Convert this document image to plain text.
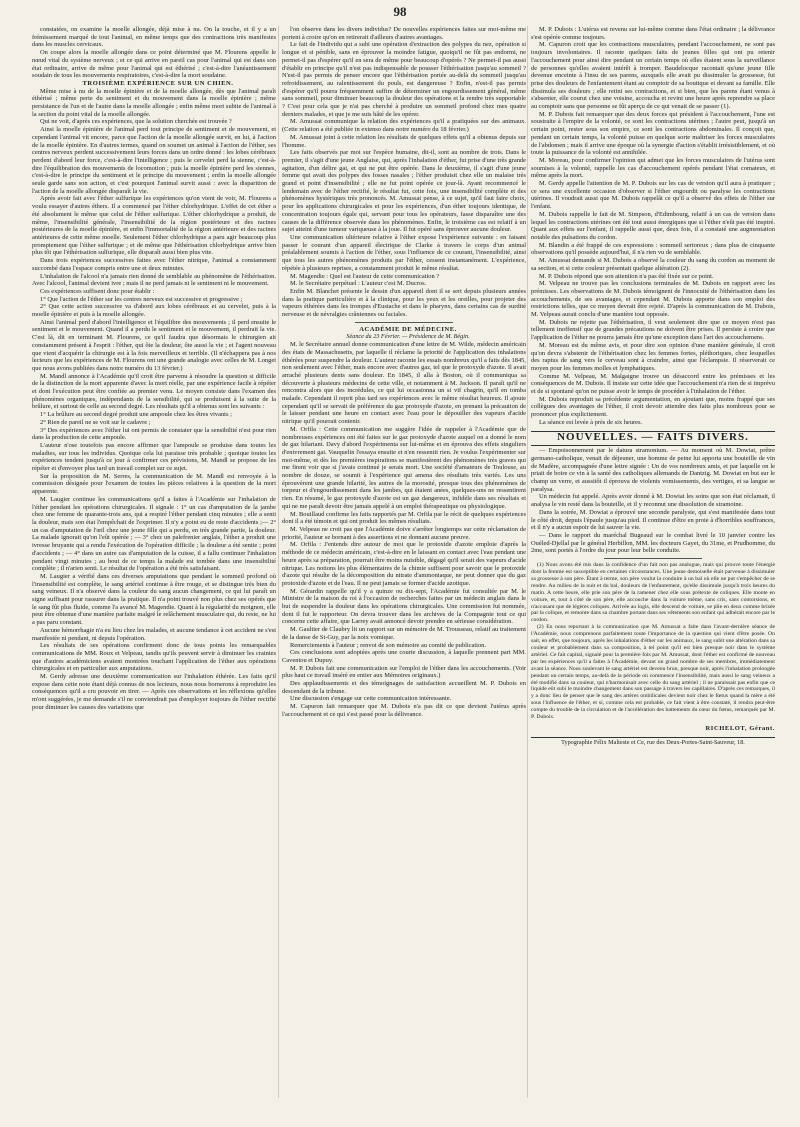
98

constatées, on examine la moelle allongée, déjà mise à nu. On la touche, et il y a un frémissement marqué de tout l'animal, en même temps que des contractions très manifestes dans les muscles cervicaux.

On coupe alors la moelle allongée dans ce point déterminé que M. Flourens appelle le nœud vital du système nerveux ; et ce qui arrive en pareil cas pour l'animal qui est dans son état ordinaire, arrive de même pour l'animal qui est éthérisé ; c'est-à-dire l'anéantissement soudain de tous les mouvements respiratoires, c'est-à-dire la mort soudaine.

TROISIÈME EXPÉRIENCE SUR UN CHIEN.

Même mise à nu de la moelle épinière et de la moelle allongée, dès que l'animal paraît éthérisé ; même perte du sentiment et du mouvement dans la moelle épinière ; même persistance de l'un et de l'autre dans la moelle allongée ; enfin même mort subite de l'animal à la section du point vital de la moelle allongée.

Qui ne voit, d'après ces expériences, que la solution cherchée est trouvée ?

Ainsi la moelle épinière de l'animal perd tout principe de sentiment et de mouvement, et cependant l'animal vit encore, parce que l'action de la moelle allongée survit, en lui, à l'action de la moelle épinière. En d'autres termes, quand on soumet un animal à l'action de l'éther, ses centres nerveux perdent successivement leurs forces dans un ordre donné : les lobes cérébraux perdent d'abord leur force, c'est-à-dire l'intelligence ; puis le cervelet perd la sienne, c'est-à-dire l'équilibration des mouvements de locomotion ; puis la moelle épinière perd les siennes, c'est-à-dire le principe du sentiment et le principe du mouvement ; enfin la moelle allongée seule garde sans son action, et c'est pourquoi l'animal survit aussi : avec la disparition de l'action de la moelle allongée disparaît la vie.

Après avoir fait avec l'éther sulfurique les expériences qu'on vient de voir, M. Flourens a voulu essayer d'autres éthers. Il a commencé par l'éther chlorhydrique. L'effet de cet éther a été absolument le même que celui de l'éther sulfurique. L'éther chlorhydrique a produit, de même, l'insensibilité générale, l'insensibilité de la région postérieure et des racines postérieures de la moelle épinière, et enfin l'immortalité de la région antérieure et des racines antérieures de cette même moelle. Seulement l'éther chlorhydrique a paru agir beaucoup plus promptement que l'éther sulfurique ; et de même que l'éthérisation chlorhydrique arrive bien plus tôt que l'éthérisation sulfurique, elle disparaît aussi bien plus vite.

Dans trois expériences successives faites avec l'éther nitrique, l'animal a constamment succombé dans l'espace compris entre une et deux minutes.

L'inhalation de l'alcool n'a jamais rien donné de semblable au phénomène de l'éthérisation. Avec l'alcool, l'animal devient ivre ; mais il ne perd jamais ni le sentiment ni le mouvement.

Ces expériences suffisent donc pour établir :

1° Que l'action de l'éther sur les centres nerveux est successive et progressive ;

2° Que cette action successive va d'abord aux lobes cérébraux et au cervelet, puis à la moelle épinière et puis à la moelle allongée.

Ainsi l'animal perd d'abord l'intelligence et l'équilibre des mouvements ; il perd ensuite le sentiment et le mouvement. Quand il a perdu le sentiment et le mouvement, il perdrait la vie. C'est là, dit en terminant M. Flourens, ce qu'il faudra que désormais le chirurgien ait constamment présent à l'esprit : l'éther, qui ôte la douleur, ôte aussi la vie ; et l'agent nouveau que vient d'acquérir la chirurgie est à la fois merveilleux et terrible. (Il n'échappera pas à nos lecteurs que les expériences de M. Flourens ont une grande analogie avec celles de M. Longet que nous avons publiées dans notre numéro du 13 février.)

M. Mandl annonce à l'Académie qu'il croit être parvenu à résoudre la question si difficile de la distinction de la mort apparente d'avec la mort réelle, par une expérience facile à répéter et dont l'exécution peut être confiée au premier venu. Le moyen consiste dans l'examen des phénomènes organiques, indépendants de la sensibilité, qui se produisent à la suite de la brûlure, et surtout de celle au second degré. Les résultats qu'il a obtenus sont les suivants :

1° La brûlure au second degré produit une ampoule chez les êtres vivants ;

2° Rien de pareil ne se voit sur le cadavre ;

3° Des expériences avec l'éther lui ont permis de constater que la sensibilité n'est pour rien dans la production de cette ampoule.

L'auteur n'ose toutefois pas encore affirmer que l'ampoule se produise dans toutes les maladies, sur tous les individus. Quoique cela lui paraisse très probable ; quoique toutes les expériences tendent jusqu'à ce jour à confirmer ces prévisions, M. Mandl se propose de les répéter et d'envoyer plus tard un travail complet sur ce sujet.

Sur la proposition de M. Serres, la communication de M. Mandl est renvoyée à la commission désignée pour l'examen de toutes les pièces relatives à la question de la mort apparente.

M. Laugier continue les communications qu'il a faites à l'Académie sur l'inhalation de l'éther pendant les opérations chirurgicales. Il signale : 1° un cas d'amputation de la jambe chez une femme de quarante-trois ans, qui a respiré l'éther pendant cinq minutes ; elle a senti la douleur, mais son état l'empêchait de l'exprimer. Il n'y a point eu de reste d'accidents ;— 2° un cas d'amputation de l'œil chez une jeune fille qui a perdu, en très grande partie, la douleur. La malade ignorait qu'on l'eût opérée ; — 3° chez un palefrenier anglais, l'éther a produit une ivresse bruyante qui a rendu l'exécution de l'opération difficile ; la douleur a été sentie ; point d'accidents ; — 4° dans un autre cas d'amputation de la cuisse, il a fallu continuer l'inhalation pendant vingt minutes ; au bout de ce temps la malade est tombée dans une insensibilité complète ; il n'arien senti. Le résultat de l'opération a été très satisfaisant.

M. Laugier a vérifié dans ces diverses amputations que pendant le sommeil profond où l'insensibilité est complète, le sang artériel continue à être rouge, et se distingue très bien du sang veineux. Il n'a observé dans la couleur du sang aucun changement, ce qui lui paraît un signe suffisant pour rassurer dans la pratique. Il n'a point trouvé non plus chez ses opérés que le sang fût plus fluide, comme l'a avancé M. Magendie. Quant à la régularité du moignon, elle peut être obtenue d'une manière parfaite malgré le relâchement musculaire qui, du reste, ne lui a pas paru constant.

Aucune hémorrhagie n'a eu lieu chez les malades, et aucune tendance à cet accident ne s'est manifestée ni pendant, ni depuis l'opération.

Les résultats de ses opérations confirment donc de tous points les remarquables communications de MM. Roux et Velpeau, tandis qu'ils peuvent servir à diminuer les craintes que d'autres académiciens avaient montrées touchant l'application de l'éther aux opérations chirurgicales et en particulier aux amputations.

M. Gerdy adresse une deuxième communication sur l'inhalation éthérée. Les faits qu'il expose dans cette note étant déjà connus de nos lecteurs, nous nous bornerons à reproduire les conséquences qu'il a cru pouvoir en tirer. — Après ces observations et les réflexions qu'elles m'ont suggérées, je me demande s'il ne conviendrait pas d'employer toujours de l'éther rectifié pour diminuer les causes des variations que

l'on observe dans les divers individus? De nouvelles expériences faites sur moi-même me portent à croire qu'on en retirerait d'ailleurs d'autres avantages.

Le fait de l'individu qui a subi une opération d'extraction des polypes du nez, opération si longue et si pénible, sans en éprouver la moindre fatigue, quoiqu'il ne fût pas endormi, ne permet-il pas d'espérer qu'il en sera de même pour beaucoup d'opérés ? Ne permet-il pas aussi d'établir en principe qu'il n'est pas indispensable de pousser l'éthérisation jusqu'au sommeil ? N'est-il pas permis de penser encore que l'éthérisation portée au-delà du sommeil jusqu'au refroidissement, au ralentissement du pouls, est dangereuse ? Enfin, n'est-il pas permis d'espérer qu'il pourra fréquemment suffire de déterminer un engourdissement général, même sans sommeil, pour diminuer beaucoup la douleur des opérations et la rendre très supportable ? C'est pour cela que je n'ai pas cherché à produire un sommeil profond chez mes quatre derniers malades, et que je me suis hâté de les opérer.

M. Amussat communique la relation des expériences qu'il a pratiquées sur des animaux. (Cette relation a été publiée in extenso dans notre numéro du 18 février.)

M. Amussat joint à cette relation les résultats de quelques effets qu'il a obtenus depuis sur l'homme.

Les faits observés par moi sur l'espèce humaine, dit-il, sont au nombre de trois. Dans le premier, il s'agit d'une jeune Anglaise, qui, après l'inhalation d'éther, fut prise d'une très grande agitation, d'un délire gai, et qui ne put être opérée. Dans le deuxième, il s'agit d'une jeune femme qui avait des polypes des fosses nasales ; l'éther produisit chez elle un malaise très grand et point d'insensibilité ; elle ne fut point opérée ce jour-là. Ayant recommencé le lendemain avec de l'éther rectifié, le résultat fut, cette fois, une insensibilité complète et des phénomènes hystériques très prononcés. M. Amussat pense, à ce sujet, qu'il faut faire choix, pour les applications chirurgicales et pour les expériences, d'un éther toujours identique, de concentration toujours égale qui, servant pour tous les opérateurs, fasse disparaître une des causes de la différence observée dans les phénomènes. Enfin, le troisième cas est relatif à un sujet atteint d'une tumeur variqueuse à la joue. Il fut opéré sans éprouver aucune douleur.

Une communication ultérieure relative à l'éther expose l'expérience suivante : en faisant passer le courant d'un appareil électrique de Clarke à travers le corps d'un animal préalablement soumis à l'action de l'éther, sous l'influence de ce courant, l'insensibilité, ainsi que tous les autres phénomènes produits par l'éther, cessent instantanément. L'expérience, répétée à plusieurs reprises, a constamment produit le même résultat.

M. Magendie : Quel est l'auteur de cette communication ?

M. le Secrétaire perpétuel : L'auteur c'est M. Ducros.

Enfin M. Blanchet présente le dessin d'un appareil dont il se sert depuis plusieurs années dans la pratique particulière et à la clinique, pour les yeux et les oreilles, pour projeter des vapeurs éthérées dans les trompes d'Eustache et dans le pharynx, dans certains cas de surdité nerveuse et de névralgies crâniennes ou faciales.

ACADÉMIE DE MÉDECINE.

Séance du 23 Février. — Présidence de M. Bégin.

M. le Secrétaire annuel donne communication d'une lettre de M. Wilde, médecin américain des états de Massachusetts, par laquelle il réclame la priorité de l'application des inhalations éthérées pour suspendre la douleur. L'auteur raconte les essais nombreux qu'il a faits dès 1845, non seulement avec l'éther, mais encore avec d'autres gaz, tel que le protoxyde d'azote. Il avait arraché plusieurs dents sans douleur. En 1845, il alla à Boston, où il communiqua sa découverte à plusieurs médecins de cette ville, et notamment à M. Jackson. Il paraît qu'il ne rencontra alors que des incrédules, ce qui lui occasionna un si vif chagrin, qu'il en tomba malade. Cependant il reprit plus tard ses expériences avec le même résultat heureux. Il ajoute cependant qu'il se servait de préférence du gaz protoxyde d'azote, en prenant la précaution de le laisser pendant une heure en contact avec l'eau pour le dépouiller des vapeurs d'acide nitrique qu'il pourrait contenir.

M. Orfila : Cette communication me suggère l'idée de rappeler à l'Académie que de nombreuses expériences ont été faites sur le gaz protoxyde d'azote auquel on a donné le nom de gaz hilariant. Davy d'abord l'expérimenta sur lui-même et en éprouva des effets singuliers d'enivrement gai. Vauquelin l'essaya ensuite et n'en ressentit rien. Je voulus l'expérimenter sur moi-même, et dès les premières inspirations se manifestèrent des phénomènes très graves qui me firent voir que si j'avais continué je serais mort. Une société d'amateurs de Toulouse, au nombre de douze, se soumit à l'expérience qui amena des résultats très variés. Les uns éprouvèrent une grande hilarité, les autres de la morosité, presque tous des phénomènes de torpeur et d'engourdissement dans les jambes, qui étaient anées, quelques-uns ne ressentirent rien. En résumé, le gaz protoxyde d'azote est un gaz dangereux, infidèle dans ses résultats et qui ne me paraît devoir être jamais appelé à un emploi thérapeutique ou physiologique.

M. Bouillaud confirme les faits rapportés par M. Orfila par le récit de quelques expériences dont il a été témoin et qui ont produit les mêmes résultats.

M. Velpeau ne croit pas que l'Académie doive s'arrêter longtemps sur cette réclamation de priorité, l'auteur se bornant à des assertions et ne donnant aucune preuve.

M. Orfila : J'entends dire autour de moi que le protoxide d'azote emploie d'après la méthode de ce médecin américain, c'est-à-dire en le laissant en contact avec l'eau pendant une heure après sa préparation, pourrait être moins nuisible, dégagé qu'il serait des vapeurs d'acide nitrique. Les notions les plus élémentaires de la chimie suffisent pour savoir que le protoxide d'azote qui résulte de la décomposition du nitrate d'ammoniaque, ne peut donner que du gaz protoxide d'azote et de l'eau. Il ne peut jamais se former d'acide azotique.

M. Gérardin rappelle qu'il y a quinze ou dix-sept, l'Académie fut consultée par M. le Ministre de la maison du roi à l'occasion de recherches faites par un médecin anglais dans le but de suspendre la douleur dans les opérations chirurgicales. Une commission fut nommée, dont il fut le rapporteur. On devra trouver dans les archives de la Compagnie tout ce qui concerne cette affaire, que Larrey avait annoncé devoir prendre en sérieuse considération.

M. Gaultier de Claubry lit un rapport sur un mémoire de M. Trousseau, relatif au traitement de la danse de St-Guy, par la noix vomique.

Remerciements à l'auteur ; renvoi de son mémoire au comité de publication.

Ces conclusions sont adoptées après une courte discussion, à laquelle prennent part MM. Caventou et Dupuy.

M. P. Dubois fait une communication sur l'emploi de l'éther dans les accouchements. (Voir plus haut ce travail inséré en entier aux Mémoires originaux.)

Des applaudissements et des témoignages de satisfaction accueillent M. P. Dubois en descendant de la tribune.

Une discussion s'engage sur cette communication intéressante.

M. Capuron fait remarquer que M. Dubois n'a pas dit ce que devient l'utérus après l'accouchement et ce qui s'est passé pour la délivrance.

M. P. Dubois : L'utérus est revenu sur lui-même comme dans l'état ordinaire ; la délivrance s'est opérée comme toujours.

M. Capuron croit que les contractions musculaires, pendant l'accouchement, ne sont pas toujours involontaires. Il raconte quelques faits de jeunes filles qui ont pu retenir l'accouchement pour ainsi dire pendant un certain temps où elles étaient sous la surveillance de personnes qu'elles avaient intérêt à tromper. Baudelocque racontait qu'une jeune fille devenue enceinte à l'insu de ses parens, auxquels elle avait pu dissimuler la grossesse, fut prise des douleurs de l'enfantement étant au comptoir de sa boutique et devant sa famille. Elle dissimula ses douleurs ; elle retint ses contractions, et si bien, que les parens étant venus à s'absenter, elle courut chez une voisine, accoucha et revint une heure après reprendre sa place au comptoir sans que personne se fût aperçu de ce qui venait de se passer (1).

M. P. Dubois fait remarquer que des deux forces qui président à l'accouchement, l'une est soustraite à l'empire de la volonté, ce sont les contractions utérines ; l'autre peut, jusqu'à un certain point, rester sous son empire, ce sont les contractions abdominales. Il conçoit que, pendant un certain temps, la volonté puisse en quelque sorte maîtriser les forces musculaires de l'abdomen ; mais il arrive une époque où la synergie d'action s'établit irrésistiblement, et où toute la puissance de la volonté est annihilée.

M. Moreau, pour confirmer l'opinion qui admet que les forces musculaires de l'utérus sont soumises à la volonté, rappelle les cas d'accouchement opérés pendant l'état comateux, et même après la mort.

M. Gerdy appelle l'attention de M. P. Dubois sur les cas de version qu'il aura à pratiquer ; ce sera une excellente occasion d'observer si l'éther engourdit ou paralyse les contractions utérines. Il voudrait aussi que M. Dubois rappelât ce qu'il a observé des effets de l'éther sur l'enfant.

M. Dubois rappelle le fait de M. Simpson, d'Edimbourg, relatif à un cas de version dans lequel les contractions utérines ont été tout aussi énergiques que si l'éther n'eût pas été inspiré. Quant aux effets sur l'enfant, il rappelle aussi que, deux fois, il a constaté une augmentation notable des pulsations du cordon.

M. Blandin a été frappé de ces expressions : sommeil sertoreux ; dans plus de cinquante observations qu'il possède aujourd'hui, il n'a rien vu de semblable.

M. Amussat demande si M. Dubois a observé la couleur du sang du cordon au moment de sa section, et si cette couleur présentait quelque altération (2).

M. P. Dubois répond que son attention n'a pas été fixée sur ce point.

M. Velpeau ne trouve pas les conclusions terminales de M. Dubois en rapport avec les prémisses. Les observations de M. Dubois témoignent de l'innocuité de l'éthérisation dans les accouchements, de ses avantages, et cependant M. Dubois apporte dans son emploi des restrictions telles, que ce moyen devrait être rejeté. D'après la communication de M. Dubois, M. Velpeau aurait conclu d'une manière tout opposée.

M. Dubois ne rejette pas l'éthérisation, il veut seulement dire que ce moyen n'est pas tellement inoffensif que de grandes précautions ne doivent être prises. Il persiste à croire que l'application de l'éther ne pourra jamais être qu'une exception dans l'art des accouchemens.

M. Moreau est du même avis, et pour dire son opinion d'une manière générale, il croit qu'on devra s'abstenir de l'éthérisation chez les femmes fortes, pléthoriques, chez lesquelles des raptus de sang vers le cerveau sont à craindre, ainsi que l'éclampsie. Il réserverait ce moyen pour les femmes molles et lymphatiques.

Comme M. Velpeau, M. Malgaigne trouve un désaccord entre les prémisses et les conséquences de M. Dubois. Il insiste sur cette idée que l'accouchement n'a rien de si imprévu et de si spontané qu'on ne puisse avoir le temps de procéder à l'inhalation de l'éther.

M. Dubois reproduit sa précédente argumentation, en ajoutant que, moins frappé que ses collègues des avantages de l'éther, il croit devoir attendre des faits plus nombreux pour se prononcer plus explicitement.

La séance est levée à près de six heures.

NOUVELLES. — FAITS DIVERS.

— Empoisonnement par le datura stramonium. — Au moment où M. Dowiat, prêtre germano-catholique, venait de déjeuner, une homme de peine lui apporta une bouteille de vin de Madère, accompagnée d'une lettre signée : Un de vos nombreux amis, et par laquelle on le priait de boire ce vin à la santé des catholiques allemands de Dantzig. M. Dowiat en but sur le champ un verre, et aussitôt il éprouva de violents vomissements, des vertiges, et sa langue se paralysa.

Un médecin fut appelé. Après avoir donné à M. Dowiat les soins que son état réclamait, il analysa le vin resté dans la bouteille, et il y reconnut une dissolution de stramoine.

Dans la soirée, M. Dowiat a éprouvé une seconde paralysie, qui s'est manifestée dans tout le côté droit, depuis l'épaule jusqu'au pied. Il continue d'être en proie à d'horribles souffrances, et il n'y a aucun espoir de lui sauver la vie.

— Dans le rapport du maréchal Bugeaud sur le combat livré le 10 janvier contre les Ouéled-Djellal par le général Herbillon, MM. les docteurs Gayet, du 31me, et Prudhomme, du 2me, sont portés à l'ordre du jour pour leur belle conduite.

(1) Nous avons été mis dans la confidence d'un fait non pas analogue, mais qui prouve toute l'énergie dont la femme est susceptible en certaines circonstances. Une jeune demoiselle était parvenue à dissimuler sa grossesse à son père. Étant à terme, son père voulut la conduire à un bal où elle ne put s'empêcher de se rendre. Au milieu de la nuit et du bal, douleurs de l'enfantement, qu'elle dissimule jusqu'à trois heures du matin. A cette heure, elle prie son père de la ramener chez elle sous prétexte de coliques. Elle monte en voiture, et, tout à côté de son père, elle accouche dans la voiture même, sans cris, sans contorsions, et n'accusant que de légères coliques. Arrivée au logis, elle descend de voiture, se plie en deux comme brisée par la colique, et remonte dans sa chambre portant dans ses vêtements son enfant qui adhérait encore par le cordon.

(2) En nous reportant à la communication que M. Amussat a faite dans l'avant-dernière séance de l'Académie, nous comprenons parfaitement toute l'importance de la question qui vient d'être posée. On sait, en effet, que toujours, après les inhalations d'éther sur les animaux, le sang subit une altération dans sa couleur et probablement dans sa composition, à tel point qu'il est bien presque noir dans le système artériel. Ce fait capital, signalé pour la première fois par M. Amussat, dont l'éther est confirmé de nouveau par les expériences qu'il a faites à l'Académie, devant un grand nombre de ses membres, immédiatement avant la séance. Nous soulevant le sang artériel est devenu brun, presque noir, après l'inhalation prolongée pendant un certain temps, au-delà de la période où commence l'insensibilité, mais aussi le sang veineux a été modifié dans sa couleur, qui n'harmonisait avec celle du sang artériel ; il ne paraissait pas enfin que ce liquide eût subi le moindre changement dans son passage à travers les capillaires. D'après ces remarques, il y a donc lieu de penser que le sang des artères ombilicales devient noir chez le fœtus quand la mère a été sous l'influence de l'éther, et si, comme cela est probable, ce fait vient à être constaté, il rendra peut-être compte du trouble de la circulation et de l'accélération des battements du cœur du fœtus, remarqués par M. P. Dubois.

RICHELOT, Gérant.
Typographie Félix Malteste et Ce, rue des Deux-Portes-Saint-Sauveur, 18.
